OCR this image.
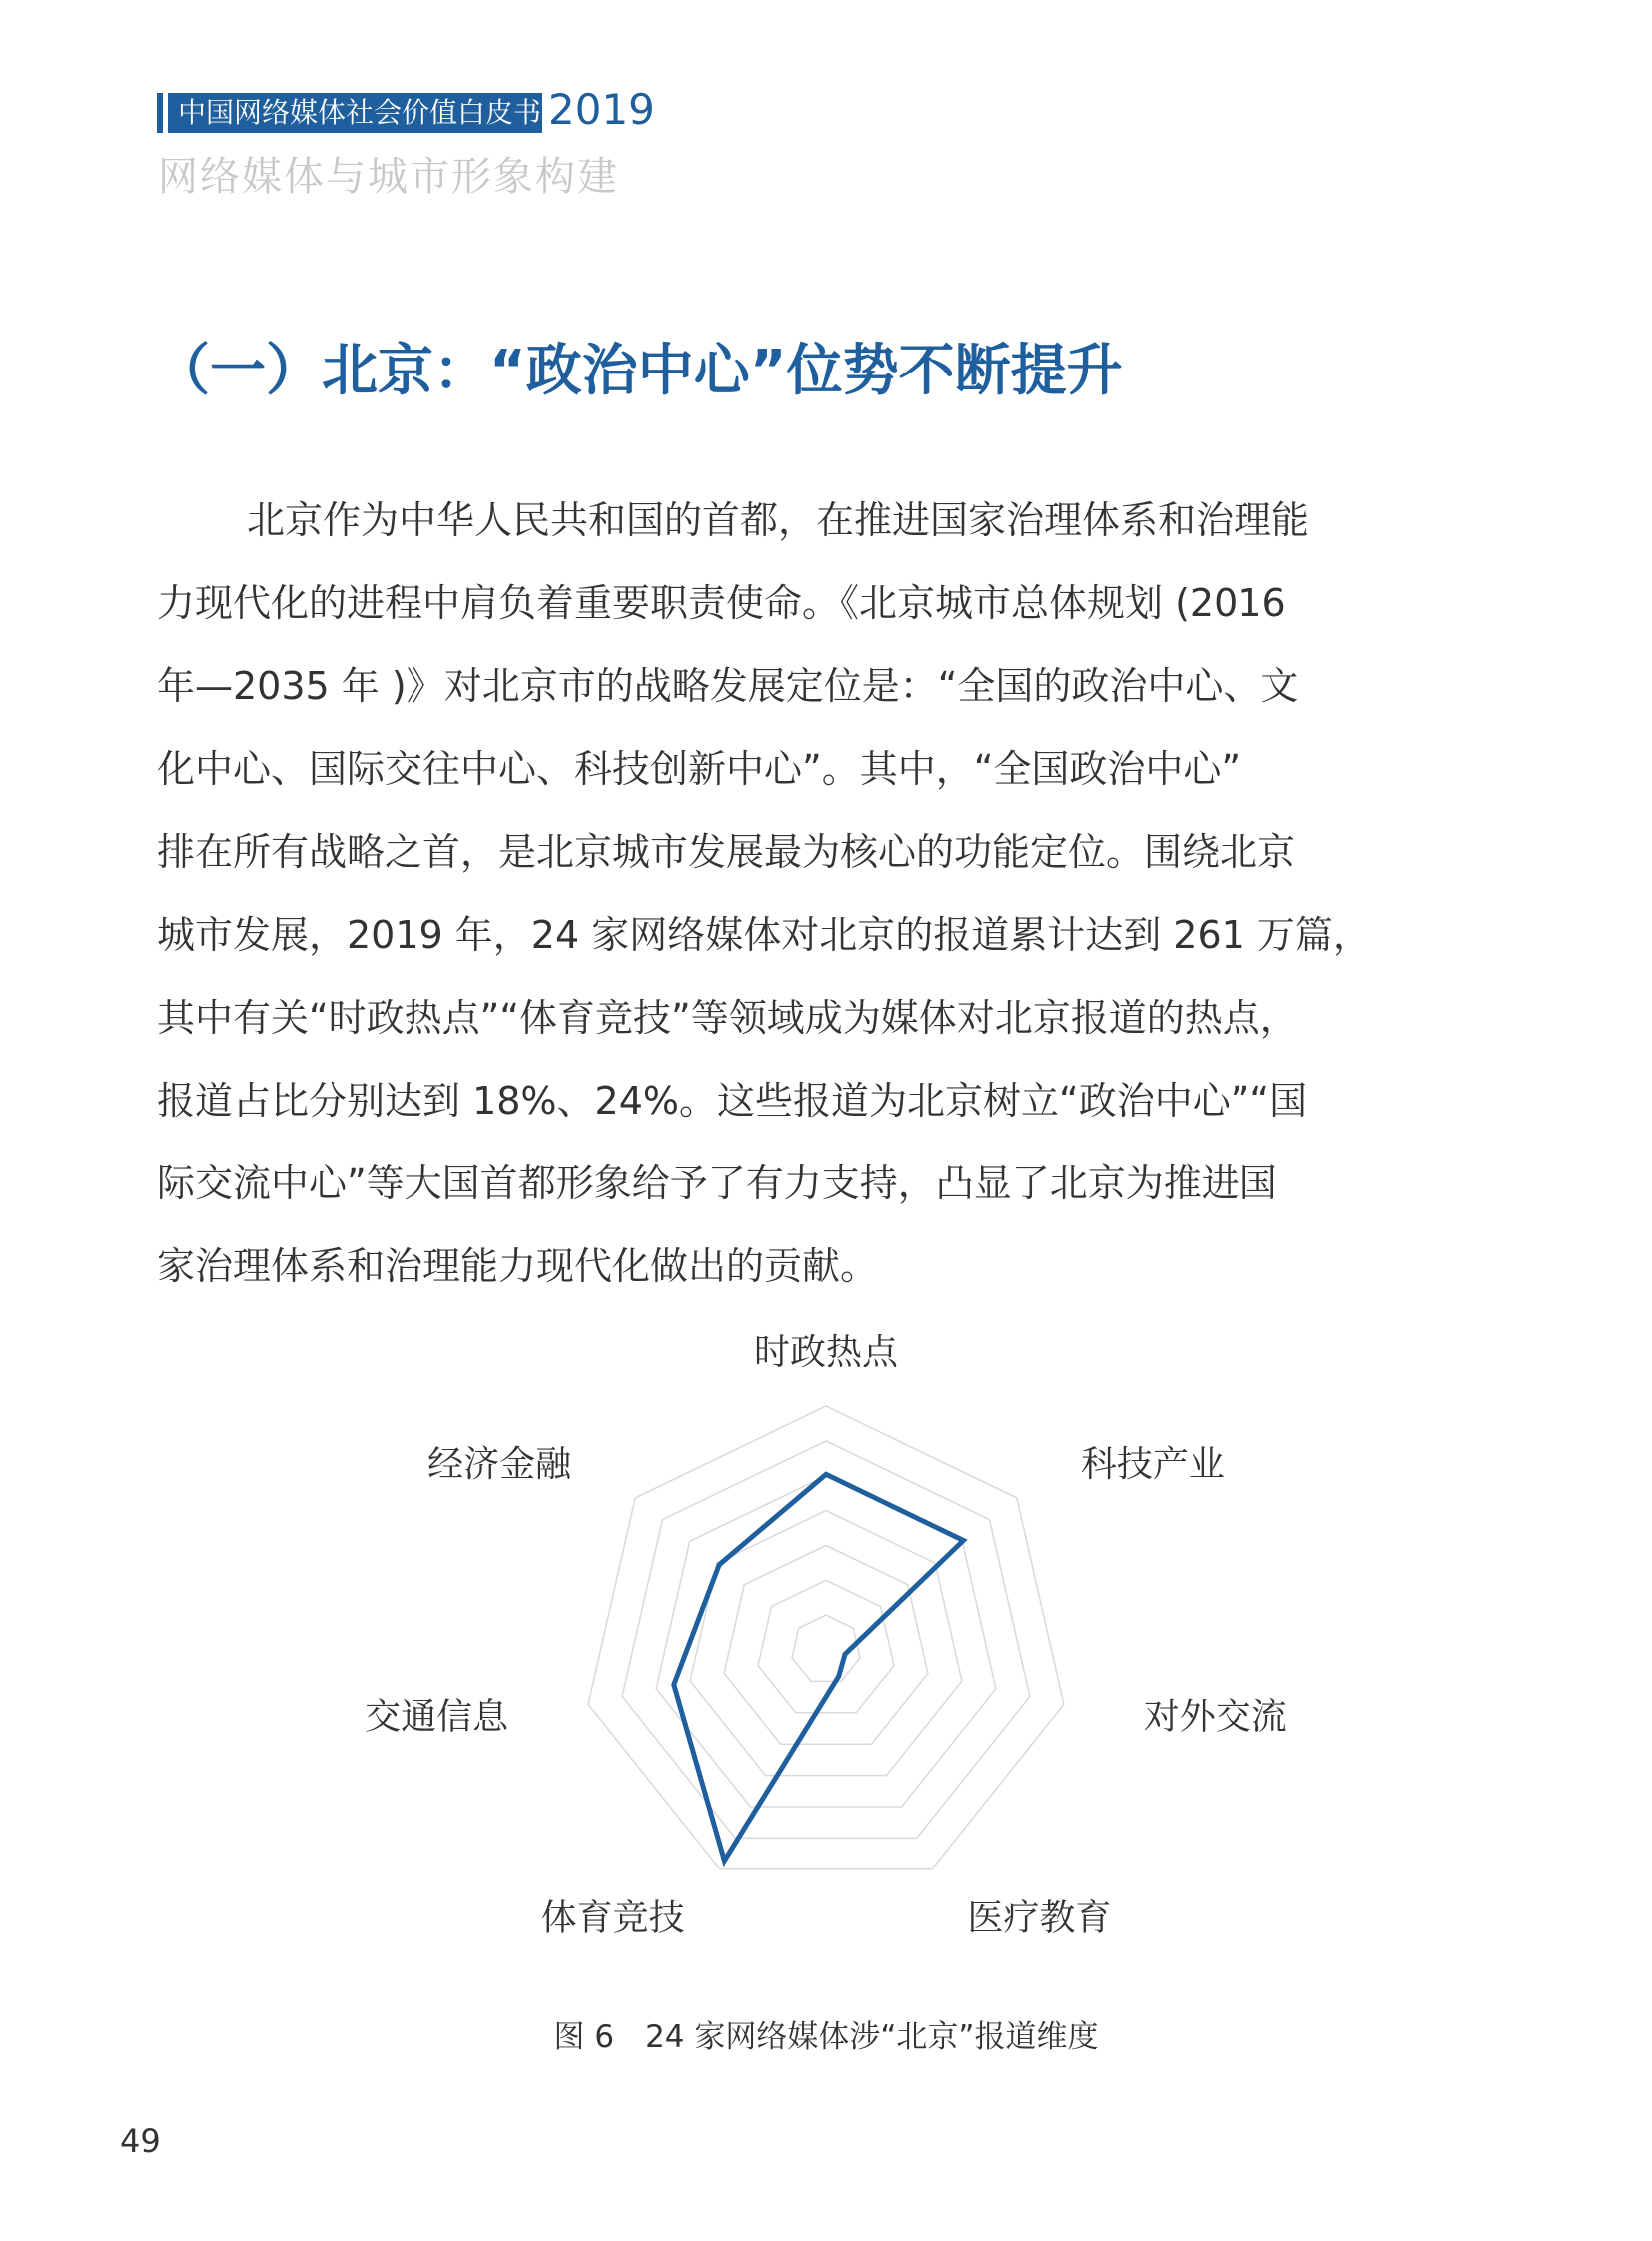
中国网络媒体社会价值白皮书 2019
网络媒体与城市形象构建
（一）北京：“政治中心”位势不断提升
北京作为中华人民共和国的首都，在推进国家治理体系和治理能
力现代化的进程中肩负着重要职责使命。《北京城市总体规划 (2016
年—2035 年 )》对北京市的战略发展定位是：“全国的政治中心、文
化中心、国际交往中心、科技创新中心”。其中，“全国政治中心”
排在所有战略之首，是北京城市发展最为核心的功能定位。围绕北京
城市发展，2019 年，24 家网络媒体对北京的报道累计达到 261 万篇，
其中有关“时政热点”“体育竞技”等领域成为媒体对北京报道的热点，
报道占比分别达到 18%、24%。这些报道为北京树立“政治中心”“国
际交流中心”等大国首都形象给予了有力支持，凸显了北京为推进国
家治理体系和治理能力现代化做出的贡献。
时政热点
科技产业
对外交流
医疗教育
体育竞技
交通信息
经济金融
图 6　24 家网络媒体涉“北京”报道维度
49
